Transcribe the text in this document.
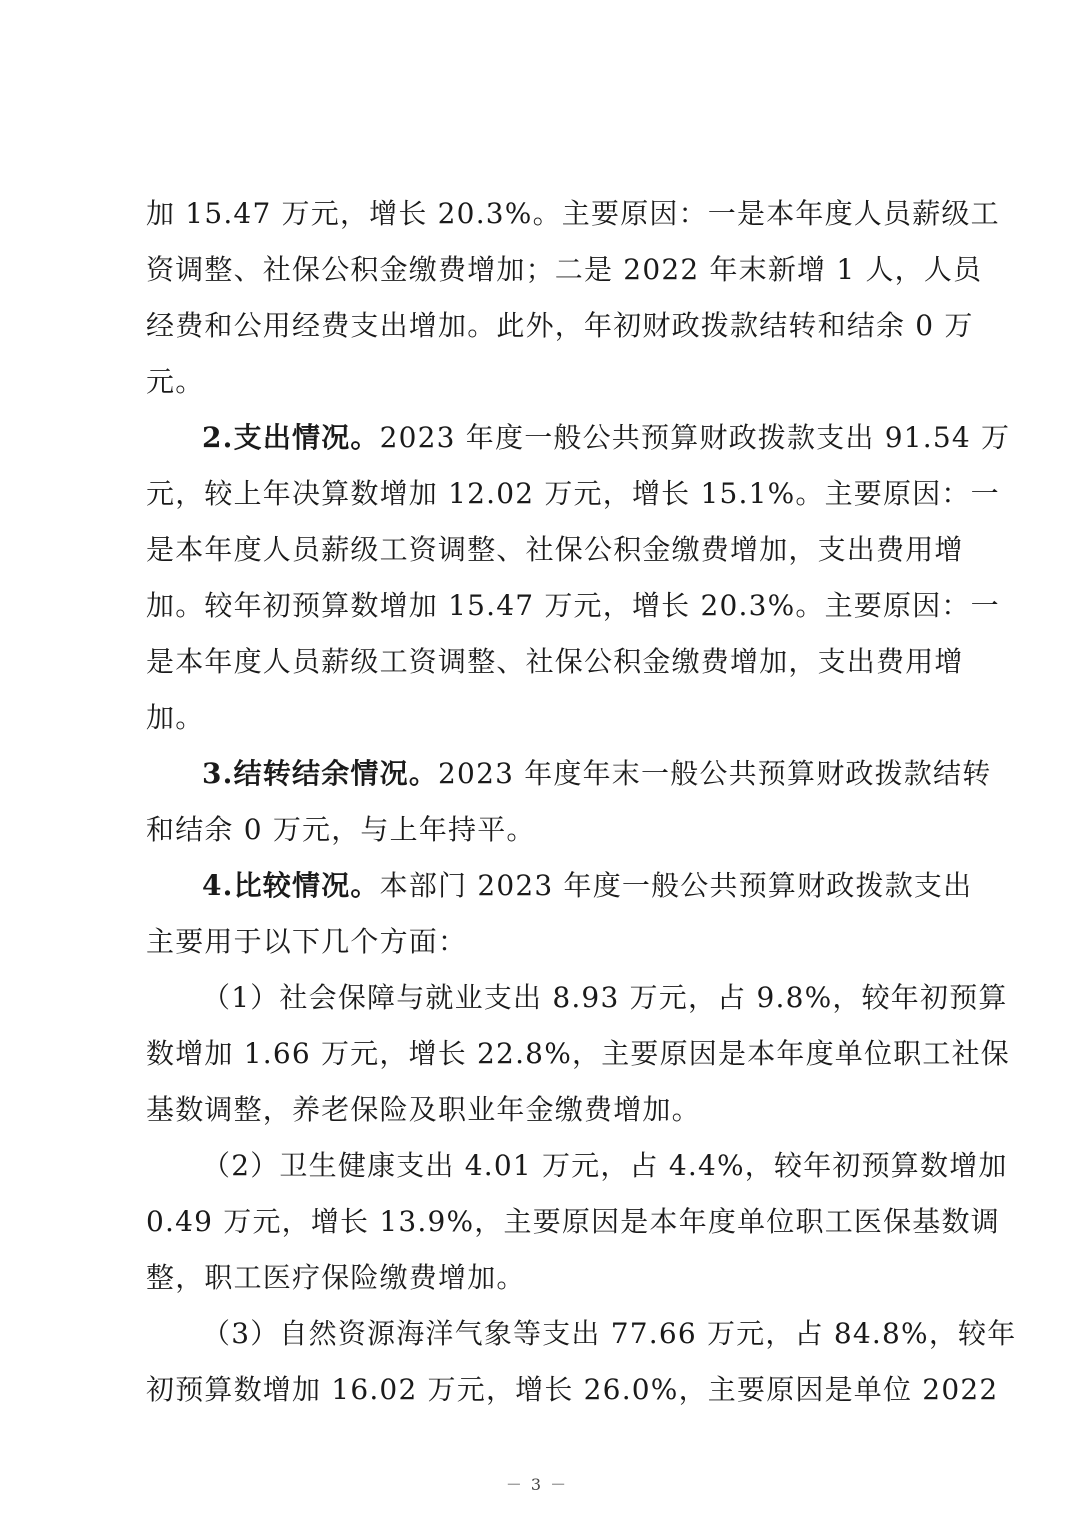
加 15.47 万元，增长 20.3%。主要原因：一是本年度人员薪级工
资调整、社保公积金缴费增加；二是 2022 年末新增 1 人，人员
经费和公用经费支出增加。此外，年初财政拨款结转和结余 0 万
元。
2.支出情况。2023 年度一般公共预算财政拨款支出 91.54 万
元，较上年决算数增加 12.02 万元，增长 15.1%。主要原因：一
是本年度人员薪级工资调整、社保公积金缴费增加，支出费用增
加。较年初预算数增加 15.47 万元，增长 20.3%。主要原因：一
是本年度人员薪级工资调整、社保公积金缴费增加，支出费用增
加。
3.结转结余情况。2023 年度年末一般公共预算财政拨款结转
和结余 0 万元，与上年持平。
4.比较情况。本部门 2023 年度一般公共预算财政拨款支出
主要用于以下几个方面：
（1）社会保障与就业支出 8.93 万元，占 9.8%，较年初预算
数增加 1.66 万元，增长 22.8%，主要原因是本年度单位职工社保
基数调整，养老保险及职业年金缴费增加。
（2）卫生健康支出 4.01 万元，占 4.4%，较年初预算数增加
0.49 万元，增长 13.9%，主要原因是本年度单位职工医保基数调
整，职工医疗保险缴费增加。
（3）自然资源海洋气象等支出 77.66 万元，占 84.8%，较年
初预算数增加 16.02 万元，增长 26.0%，主要原因是单位 2022
－ 3 －
